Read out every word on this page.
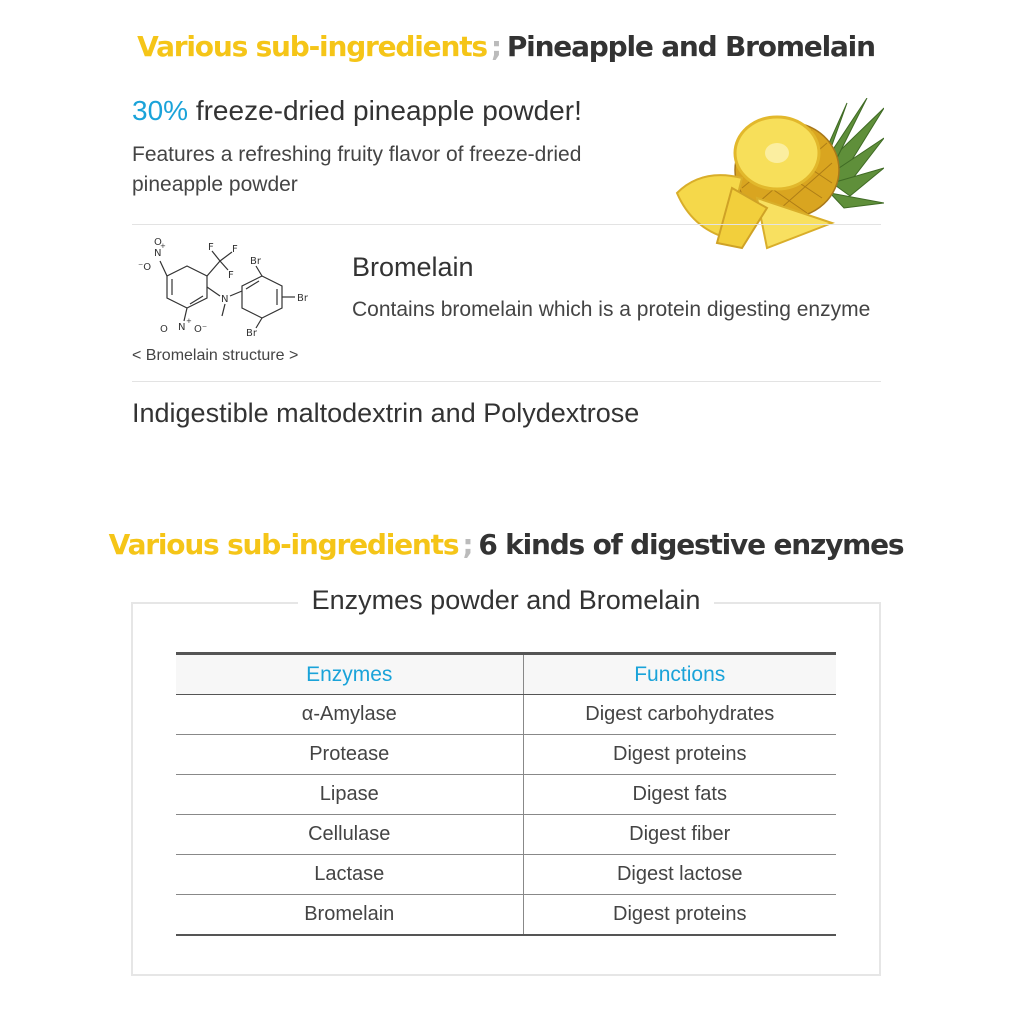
Various sub-ingredients ; Pineapple and Bromelain
30% freeze-dried pineapple powder!
Features a refreshing fruity flavor of freeze-dried pineapple powder
N
+
⁻O
O	F F
F
N
Br
Br
Br
N
+
O	O⁻
< Bromelain structure >
Bromelain
Contains bromelain which is a protein digesting enzyme
Indigestible maltodextrin and Polydextrose
Various sub-ingredients ; 6 kinds of digestive enzymes
Enzymes powder and Bromelain
Enzymes	Functions
α-Amylase	Digest carbohydrates
Protease	Digest proteins
Lipase	Digest fats
Cellulase	Digest fiber
Lactase	Digest lactose
Bromelain	Digest proteins
